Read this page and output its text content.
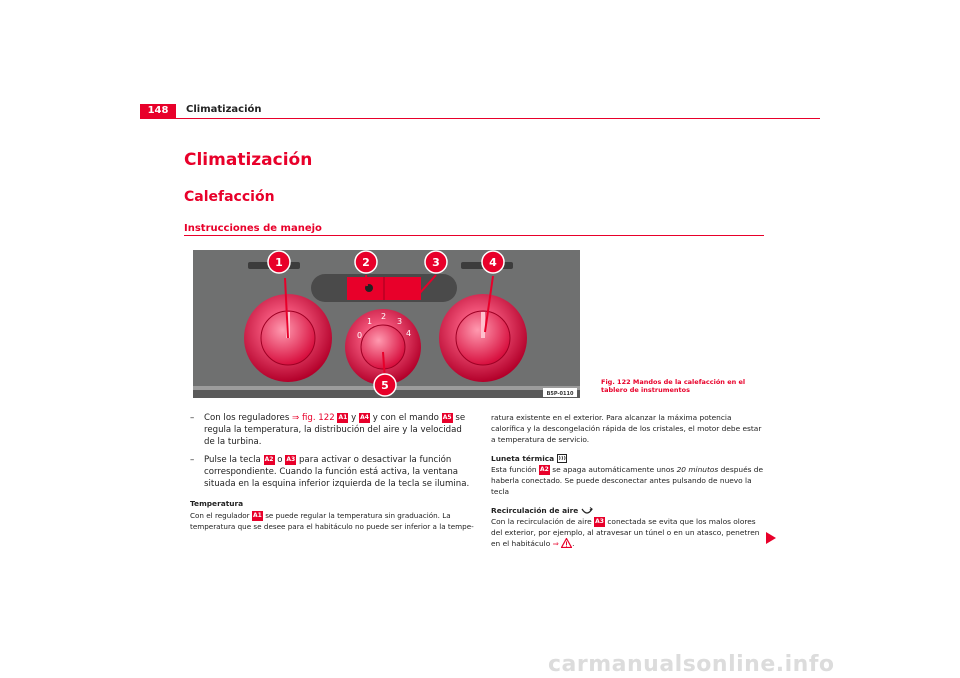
148	Climatización
Climatización
Calefacción
Instrucciones de manejo
1	2	3	4
5
0
1
2
3
4
B5P-0110
Fig. 122 Mandos de la calefacción en el tablero de instrumentos
– Con los reguladores ⇒ fig. 122 A1 y A4 y con el mando A5 se regula la temperatura, la distribución del aire y la velocidad de la turbina.
– Pulse la tecla A2 o A3 para activar o desactivar la función correspondiente. Cuando la función está activa, la ventana situada en la esquina inferior izquierda de la tecla se ilumina.
Temperatura

Con el regulador A1 se puede regular la temperatura sin graduación. La temperatura que se desee para el habitáculo no puede ser inferior a la tempe-

ratura existente en el exterior. Para alcanzar la máxima potencia calorífica y la descongelación rápida de los cristales, el motor debe estar a temperatura de servicio.

Luneta térmica

Esta función A2 se apaga automáticamente unos 20 minutos después de haberla conectado. Se puede desconectar antes pulsando de nuevo la tecla

Recirculación de aire

Con la recirculación de aire A3 conectada se evita que los malos olores del exterior, por ejemplo, al atravesar un túnel o en un atasco, penetren en el habitáculo ⇒ .

carmanualsonline.info
